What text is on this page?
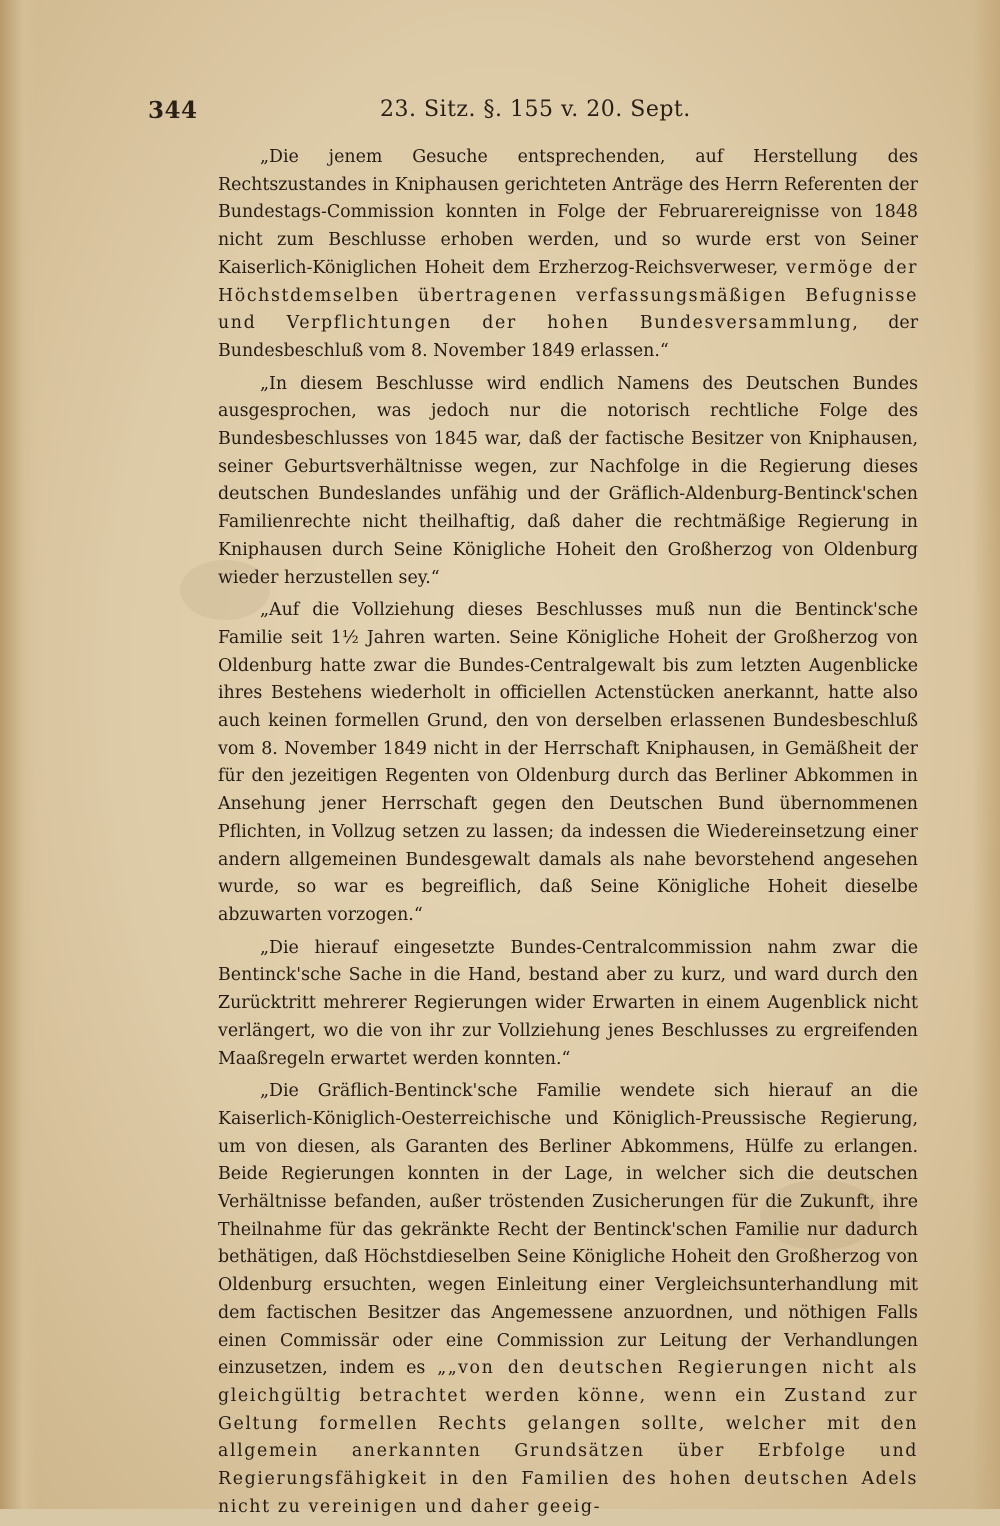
344	23. Sitz. §. 155 v. 20. Sept.

„Die jenem Gesuche entsprechenden, auf Herstellung des Rechtszustandes in Kniphausen gerichteten Anträge des Herrn Referenten der Bundestags-Commission konnten in Folge der Februarereignisse von 1848 nicht zum Beschlusse erhoben werden, und so wurde erst von Seiner Kaiserlich-Königlichen Hoheit dem Erzherzog-Reichsverweser, vermöge der Höchstdemselben übertragenen verfassungsmäßigen Befugnisse und Verpflichtungen der hohen Bundesversammlung, der Bundesbeschluß vom 8. November 1849 erlassen.“

„In diesem Beschlusse wird endlich Namens des Deutschen Bundes ausgesprochen, was jedoch nur die notorisch rechtliche Folge des Bundesbeschlusses von 1845 war, daß der factische Besitzer von Kniphausen, seiner Geburtsverhältnisse wegen, zur Nachfolge in die Regierung dieses deutschen Bundeslandes unfähig und der Gräflich-Aldenburg-Bentinck'schen Familienrechte nicht theilhaftig, daß daher die rechtmäßige Regierung in Kniphausen durch Seine Königliche Hoheit den Großherzog von Oldenburg wieder herzustellen sey.“

„Auf die Vollziehung dieses Beschlusses muß nun die Bentinck'sche Familie seit 1½ Jahren warten. Seine Königliche Hoheit der Großherzog von Oldenburg hatte zwar die Bundes-Centralgewalt bis zum letzten Augenblicke ihres Bestehens wiederholt in officiellen Actenstücken anerkannt, hatte also auch keinen formellen Grund, den von derselben erlassenen Bundesbeschluß vom 8. November 1849 nicht in der Herrschaft Kniphausen, in Gemäßheit der für den jezeitigen Regenten von Oldenburg durch das Berliner Abkommen in Ansehung jener Herrschaft gegen den Deutschen Bund übernommenen Pflichten, in Vollzug setzen zu lassen; da indessen die Wiedereinsetzung einer andern allgemeinen Bundesgewalt damals als nahe bevorstehend angesehen wurde, so war es begreiflich, daß Seine Königliche Hoheit dieselbe abzuwarten vorzogen.“

„Die hierauf eingesetzte Bundes-Centralcommission nahm zwar die Bentinck'sche Sache in die Hand, bestand aber zu kurz, und ward durch den Zurücktritt mehrerer Regierungen wider Erwarten in einem Augenblick nicht verlängert, wo die von ihr zur Vollziehung jenes Beschlusses zu ergreifenden Maaßregeln erwartet werden konnten.“

„Die Gräflich-Bentinck'sche Familie wendete sich hierauf an die Kaiserlich-Königlich-Oesterreichische und Königlich-Preussische Regierung, um von diesen, als Garanten des Berliner Abkommens, Hülfe zu erlangen. Beide Regierungen konnten in der Lage, in welcher sich die deutschen Verhältnisse befanden, außer tröstenden Zusicherungen für die Zukunft, ihre Theilnahme für das gekränkte Recht der Bentinck'schen Familie nur dadurch bethätigen, daß Höchstdieselben Seine Königliche Hoheit den Großherzog von Oldenburg ersuchten, wegen Einleitung einer Vergleichsunterhandlung mit dem factischen Besitzer das Angemessene anzuordnen, und nöthigen Falls einen Commissär oder eine Commission zur Leitung der Verhandlungen einzusetzen, indem es „„von den deutschen Regierungen nicht als gleichgültig betrachtet werden könne, wenn ein Zustand zur Geltung formellen Rechts gelangen sollte, welcher mit den allgemein anerkannten Grundsätzen über Erbfolge und Regierungsfähigkeit in den Familien des hohen deutschen Adels nicht zu vereinigen und daher geeig-
